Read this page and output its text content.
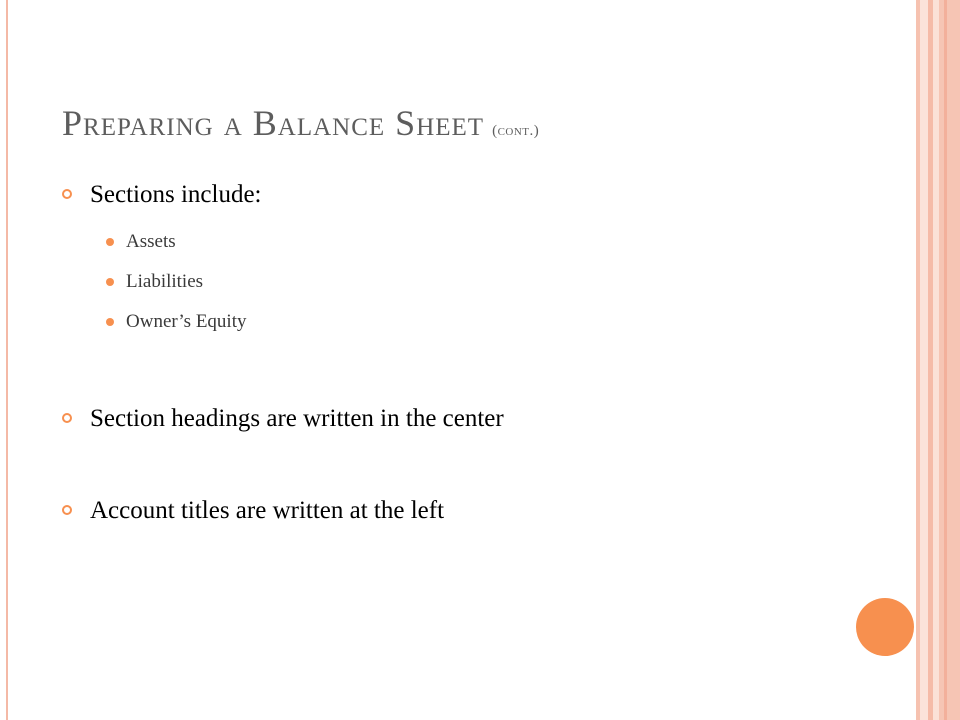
Preparing a Balance Sheet (cont.)
Sections include:
Assets
Liabilities
Owner’s Equity
Section headings are written in the center
Account titles are written at the left
